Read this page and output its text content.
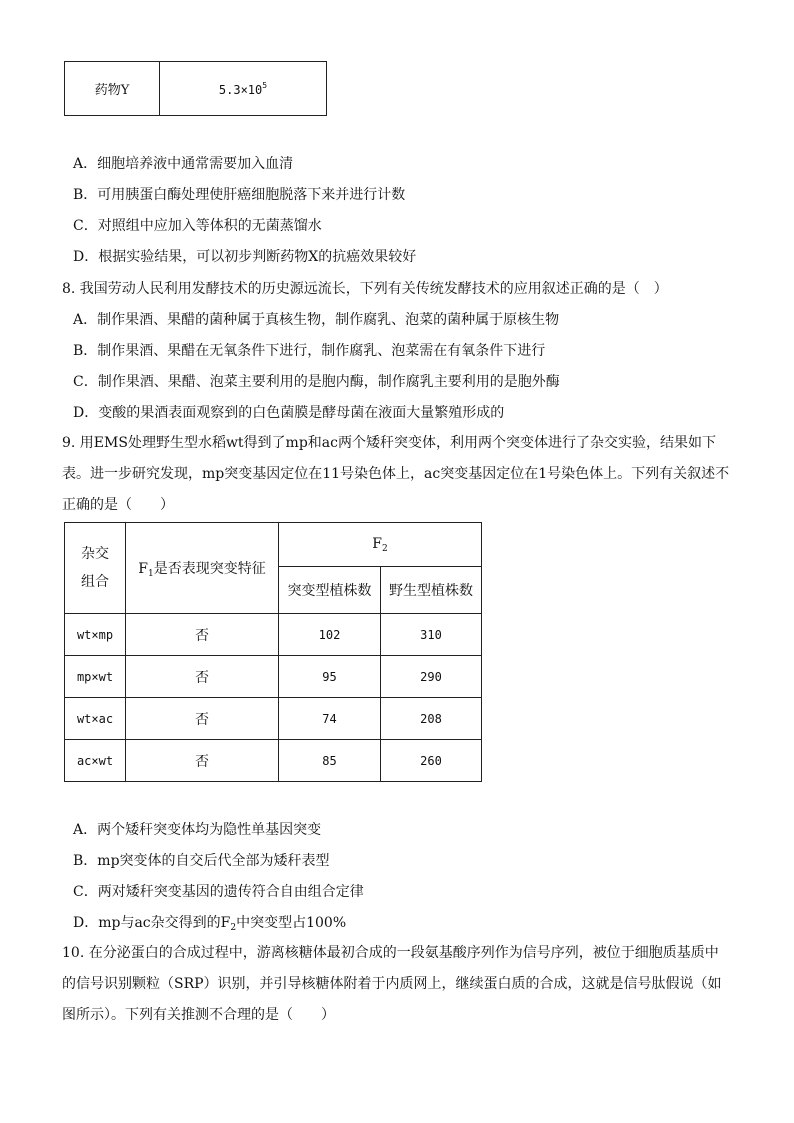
药物Y	$5.3\times 10^5$
A．细胞培养液中通常需要加入血清
B．可用胰蛋白酶处理使肝癌细胞脱落下来并进行计数
C．对照组中应加入等体积的无菌蒸馏水
D．根据实验结果，可以初步判断药物X的抗癌效果较好
8. 我国劳动人民利用发酵技术的历史源远流长，下列有关传统发酵技术的应用叙述正确的是（　）
A．制作果酒、果醋的菌种属于真核生物，制作腐乳、泡菜的菌种属于原核生物
B．制作果酒、果醋在无氧条件下进行，制作腐乳、泡菜需在有氧条件下进行
C．制作果酒、果醋、泡菜主要利用的是胞内酶，制作腐乳主要利用的是胞外酶
D．变酸的果酒表面观察到的白色菌膜是酵母菌在液面大量繁殖形成的
9. 用EMS处理野生型水稻wt得到了mp和ac两个矮秆突变体，利用两个突变体进行了杂交实验，结果如下表。进一步研究发现，mp突变基因定位在11号染色体上，ac突变基因定位在1号染色体上。下列有关叙述不正确的是（　　）
杂交
组合	$F_1$是否表现突变特征	$F_2$
		突变型植株数	野生型植株数
wt×mp	否	102	310
mp×wt	否	95	290
wt×ac	否	74	208
ac×wt	否	85	260
A．两个矮秆突变体均为隐性单基因突变
B．mp突变体的自交后代全部为矮秆表型
C．两对矮秆突变基因的遗传符合自由组合定律
D．mp与ac杂交得到的$F_2$中突变型占100%
10. 在分泌蛋白的合成过程中，游离核糖体最初合成的一段氨基酸序列作为信号序列，被位于细胞质基质中的信号识别颗粒（SRP）识别，并引导核糖体附着于内质网上，继续蛋白质的合成，这就是信号肽假说（如图所示）。下列有关推测不合理的是（　　）
